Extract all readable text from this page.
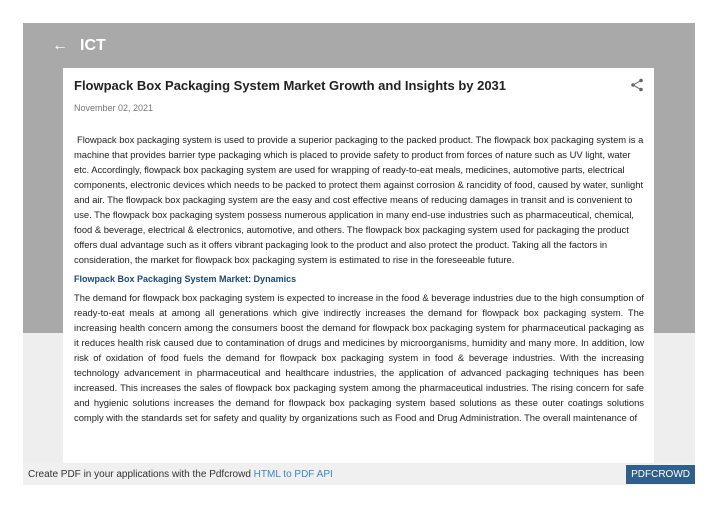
← ICT
Flowpack Box Packaging System Market Growth and Insights by 2031
November 02, 2021

Flowpack box packaging system is used to provide a superior packaging to the packed product. The flowpack box packaging system is a machine that provides barrier type packaging which is placed to provide safety to product from forces of nature such as UV light, water etc. Accordingly, flowpack box packaging system are used for wrapping of ready-to-eat meals, medicines, automotive parts, electrical components, electronic devices which needs to be packed to protect them against corrosion & rancidity of food, caused by water, sunlight and air. The flowpack box packaging system are the easy and cost effective means of reducing damages in transit and is convenient to use. The flowpack box packaging system possess numerous application in many end-use industries such as pharmaceutical, chemical, food & beverage, electrical & electronics, automotive, and others. The flowpack box packaging system used for packaging the product offers dual advantage such as it offers vibrant packaging look to the product and also protect the product. Taking all the factors in consideration, the market for flowpack box packaging system is estimated to rise in the foreseeable future.

Flowpack Box Packaging System Market: Dynamics

The demand for flowpack box packaging system is expected to increase in the food & beverage industries due to the high consumption of ready-to-eat meals at among all generations which give indirectly increases the demand for flowpack box packaging system. The increasing health concern among the consumers boost the demand for flowpack box packaging system for pharmaceutical packaging as it reduces health risk caused due to contamination of drugs and medicines by microorganisms, humidity and many more. In addition, low risk of oxidation of food fuels the demand for flowpack box packaging system in food & beverage industries. With the increasing technology advancement in pharmaceutical and healthcare industries, the application of advanced packaging techniques has been increased. This increases the sales of flowpack box packaging system among the pharmaceutical industries. The rising concern for safe and hygienic solutions increases the demand for flowpack box packaging system based solutions as these outer coatings solutions comply with the standards set for safety and quality by organizations such as Food and Drug Administration. The overall maintenance of

Create PDF in your applications with the Pdfcrowd HTML to PDF API	PDFCROWD
